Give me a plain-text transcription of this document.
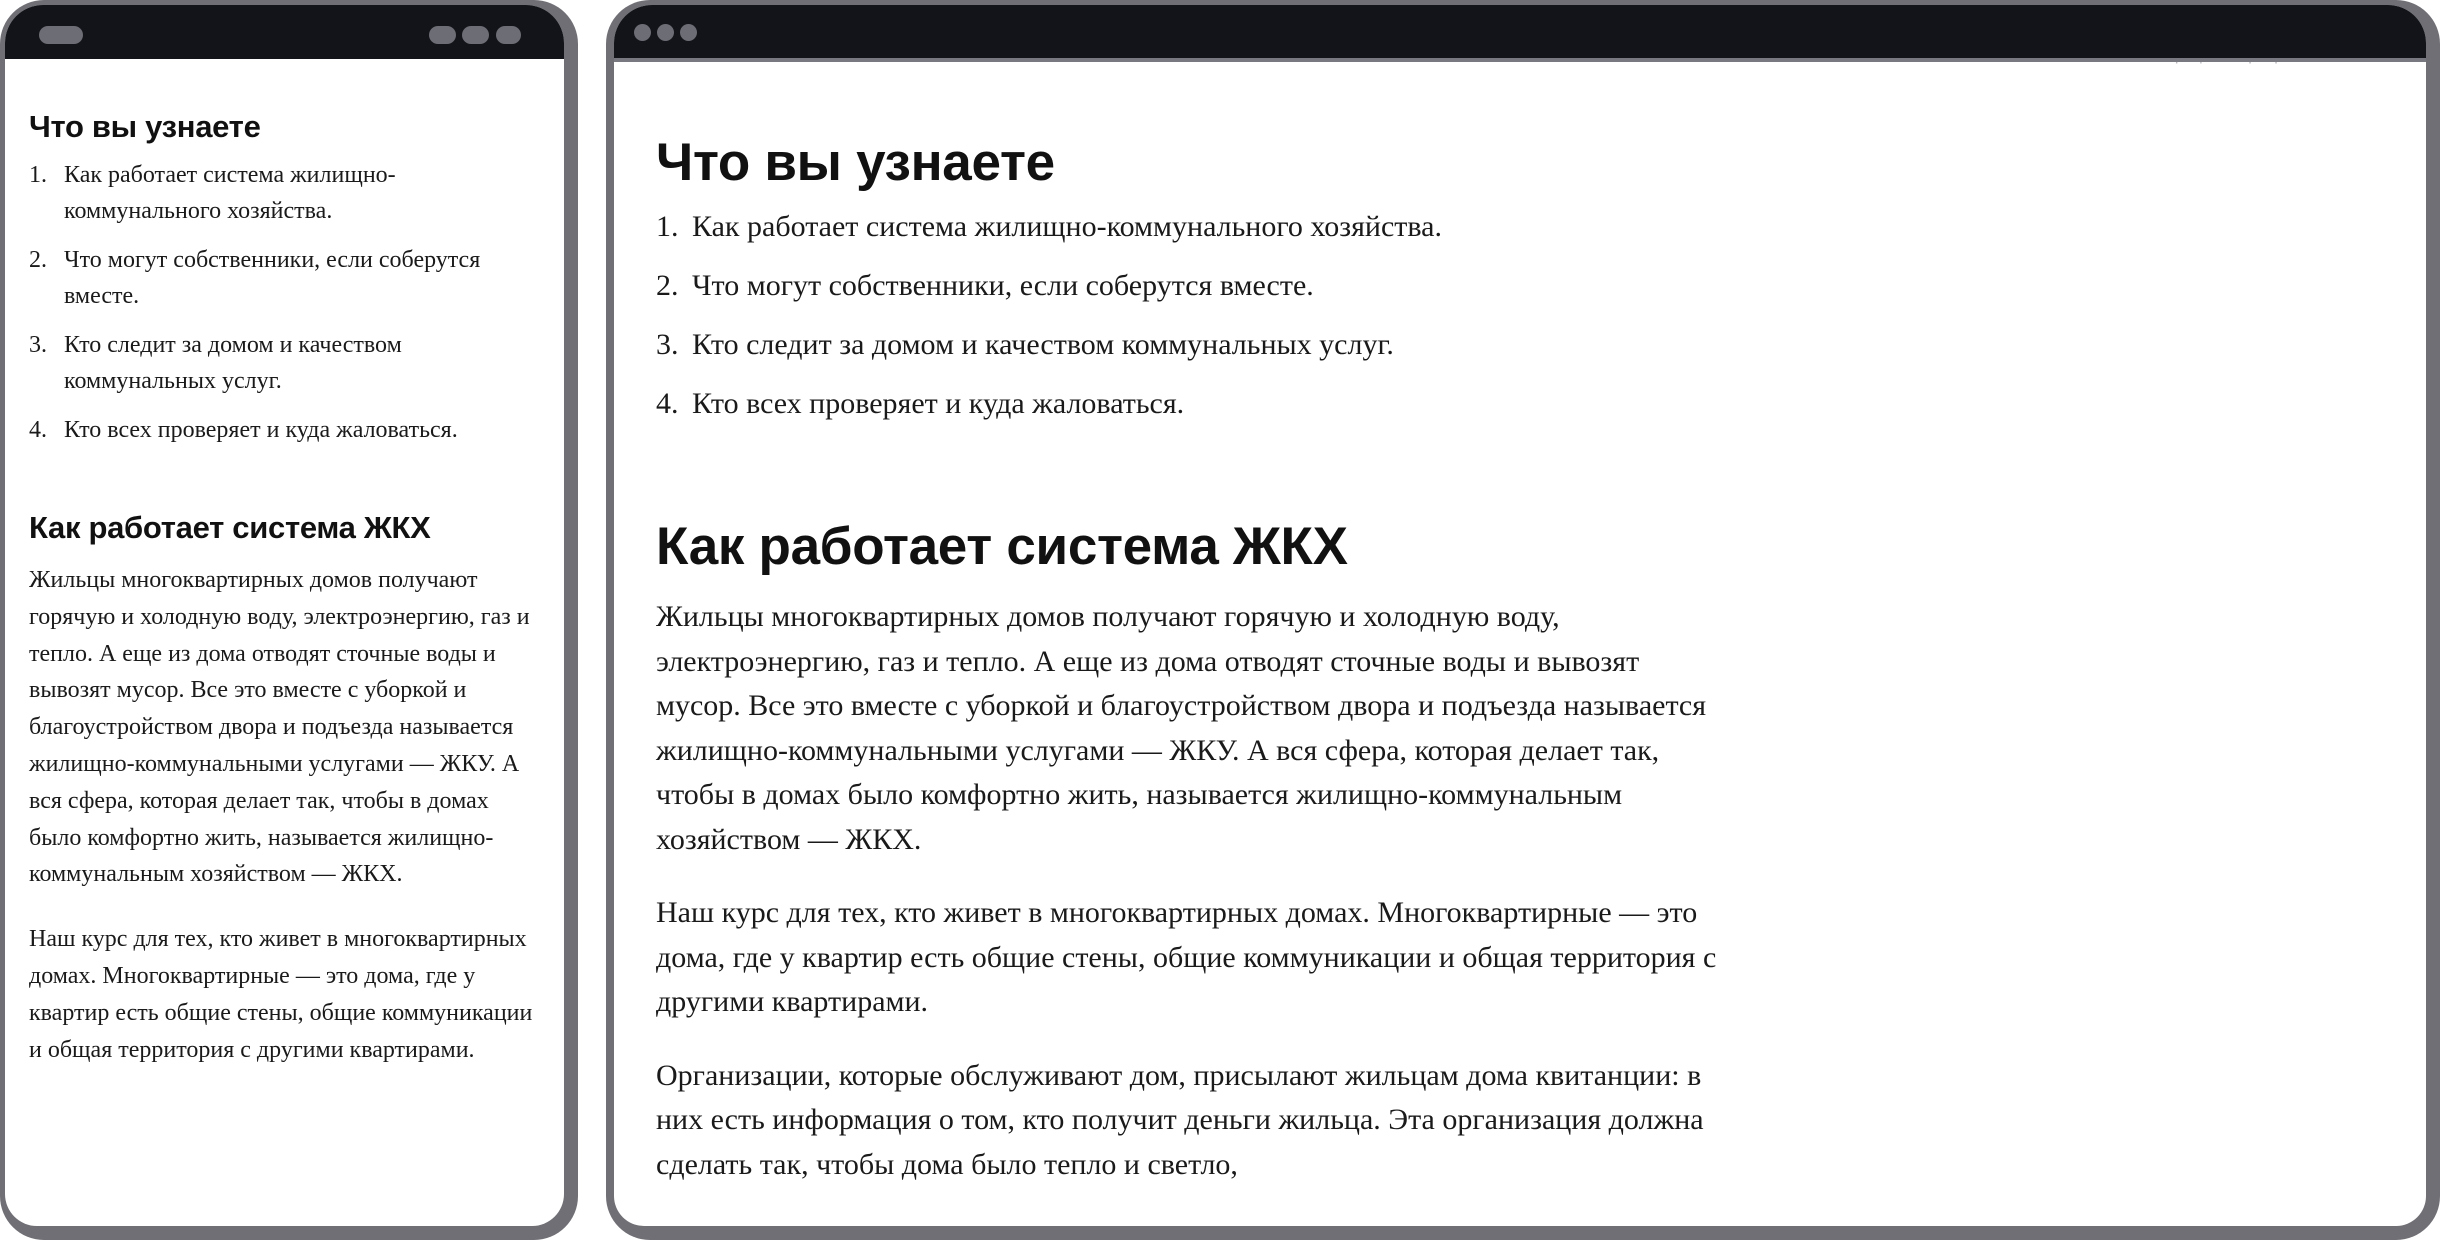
Что вы узнаете
1. Как работает система жилищно-коммунального хозяйства.
2. Что могут собственники, если соберутся вместе.
3. Кто следит за домом и качеством коммунальных услуг.
4. Кто всех проверяет и куда жаловаться.
Как работает система ЖКХ

Жильцы многоквартирных домов получают горячую и холодную воду, электроэнергию, газ и тепло. А еще из дома отводят сточные воды и вывозят мусор. Все это вместе с уборкой и благоустройством двора и подъезда называется жилищно-коммунальными услугами — ЖКУ. А вся сфера, которая делает так, чтобы в домах было комфортно жить, называется жилищно-коммунальным хозяйством — ЖКХ.

Наш курс для тех, кто живет в многоквартирных домах. Многоквартирные — это дома, где у квартир есть общие стены, общие коммуникации и общая территория с другими квартирами.

Что вы узнаете
1. Как работает система жилищно-коммунального хозяйства.
2. Что могут собственники, если соберутся вместе.
3. Кто следит за домом и качеством коммунальных услуг.
4. Кто всех проверяет и куда жаловаться.
Как работает система ЖКХ

Жильцы многоквартирных домов получают горячую и холодную воду, электроэнергию, газ и тепло. А еще из дома отводят сточные воды и вывозят мусор. Все это вместе с уборкой и благоустройством двора и подъезда называется жилищно-коммунальными услугами — ЖКУ. А вся сфера, которая делает так, чтобы в домах было комфортно жить, называется жилищно-коммунальным хозяйством — ЖКХ.

Наш курс для тех, кто живет в многоквартирных домах. Многоквартирные — это дома, где у квартир есть общие стены, общие коммуникации и общая территория с другими квартирами.

Организации, которые обслуживают дом, присылают жильцам дома квитанции: в них есть информация о том, кто получит деньги жильца. Эта организация должна сделать так, чтобы дома было тепло и светло,
